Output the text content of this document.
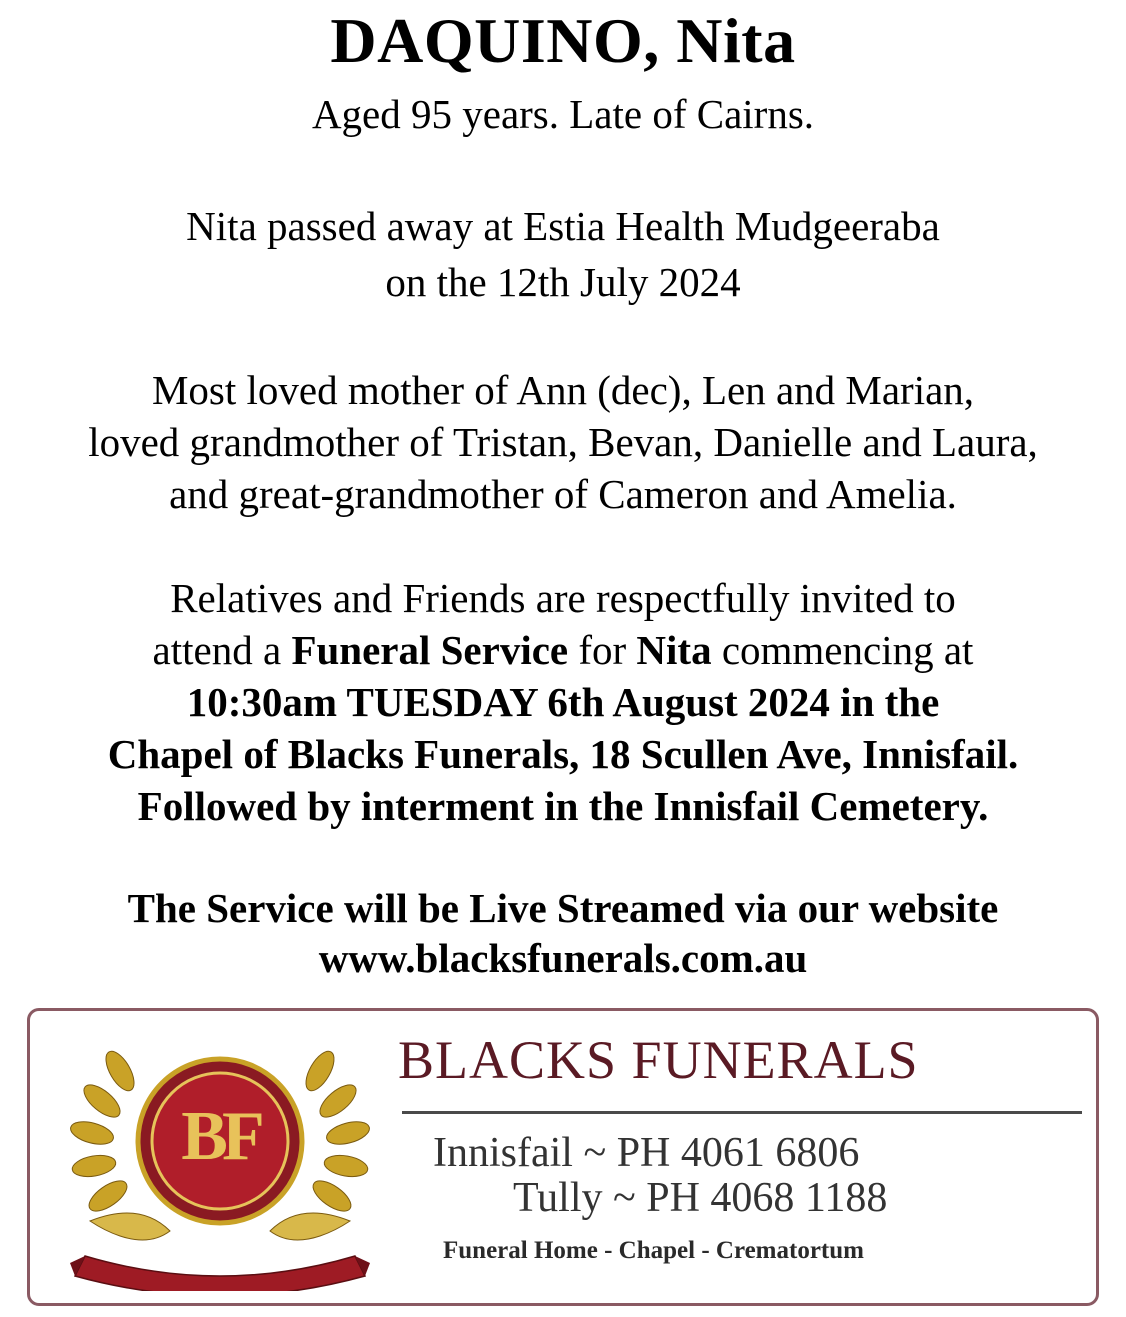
DAQUINO, Nita
Aged 95 years. Late of Cairns.
Nita passed away at Estia Health Mudgeeraba
on the 12th July 2024
Most loved mother of Ann (dec), Len and Marian,
loved grandmother of Tristan, Bevan, Danielle and Laura,
and great-grandmother of Cameron and Amelia.
Relatives and Friends are respectfully invited to
attend a Funeral Service for Nita commencing at
10:30am TUESDAY 6th August 2024 in the
Chapel of Blacks Funerals, 18 Scullen Ave, Innisfail.
Followed by interment in the Innisfail Cemetery.
The Service will be Live Streamed via our website
www.blacksfunerals.com.au
BF
BLACKS FUNERALS
Innisfail ~ PH 4061 6806
Tully ~ PH 4068 1188
Funeral Home - Chapel - Crematortum
